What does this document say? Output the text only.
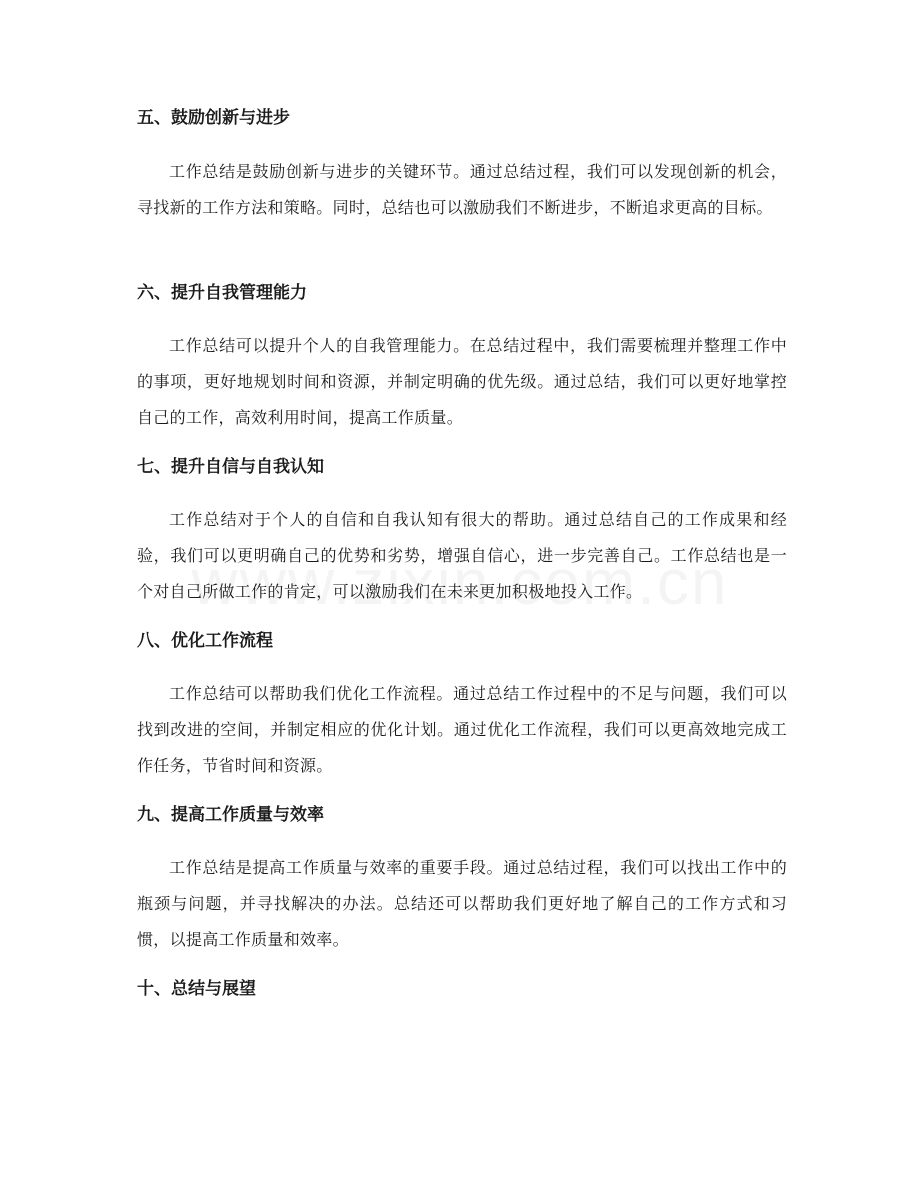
五、鼓励创新与进步

工作总结是鼓励创新与进步的关键环节。通过总结过程，我们可以发现创新的机会，寻找新的工作方法和策略。同时，总结也可以激励我们不断进步，不断追求更高的目标。

六、提升自我管理能力

工作总结可以提升个人的自我管理能力。在总结过程中，我们需要梳理并整理工作中的事项，更好地规划时间和资源，并制定明确的优先级。通过总结，我们可以更好地掌控自己的工作，高效利用时间，提高工作质量。

七、提升自信与自我认知

工作总结对于个人的自信和自我认知有很大的帮助。通过总结自己的工作成果和经验，我们可以更明确自己的优势和劣势，增强自信心，进一步完善自己。工作总结也是一个对自己所做工作的肯定，可以激励我们在未来更加积极地投入工作。

八、优化工作流程

工作总结可以帮助我们优化工作流程。通过总结工作过程中的不足与问题，我们可以找到改进的空间，并制定相应的优化计划。通过优化工作流程，我们可以更高效地完成工作任务，节省时间和资源。

九、提高工作质量与效率

工作总结是提高工作质量与效率的重要手段。通过总结过程，我们可以找出工作中的瓶颈与问题，并寻找解决的办法。总结还可以帮助我们更好地了解自己的工作方式和习惯，以提高工作质量和效率。

十、总结与展望
